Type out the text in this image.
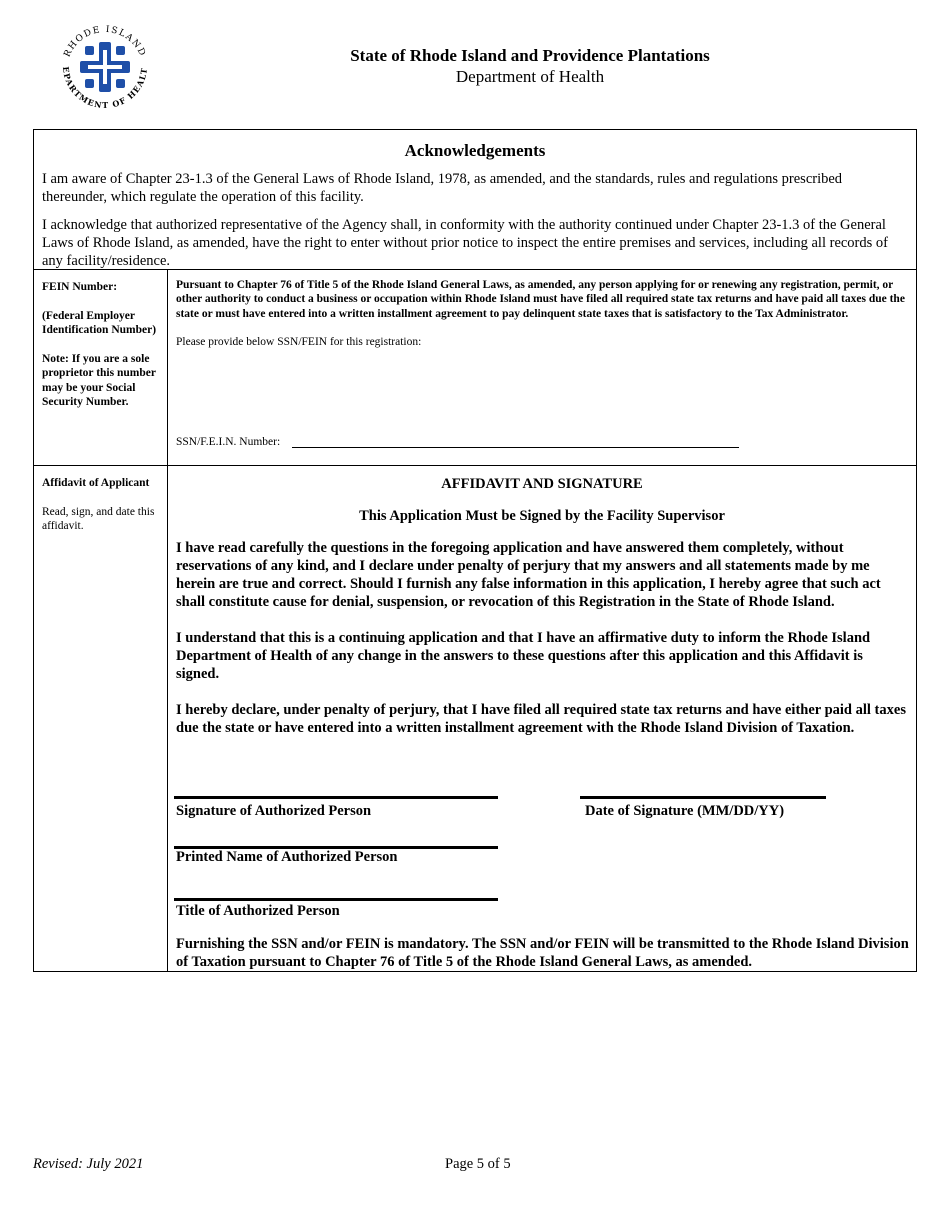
RHODE ISLAND
EPARTMENT OF HEALT
State of Rhode Island and Providence Plantations
Department of Health
Acknowledgements

I am aware of Chapter 23-1.3 of the General Laws of Rhode Island, 1978, as amended, and the standards, rules and regulations prescribed thereunder, which regulate the operation of this facility.

I acknowledge that authorized representative of the Agency shall, in conformity with the authority continued under Chapter 23-1.3 of the General Laws of Rhode Island, as amended, have the right to enter without prior notice to inspect the entire premises and services, including all records of any facility/residence.

FEIN Number:
(Federal Employer Identification Number)
Note: If you are a sole proprietor this number may be your Social Security Number.
Pursuant to Chapter 76 of Title 5 of the Rhode Island General Laws, as amended, any person applying for or renewing any registration, permit, or other authority to conduct a business or occupation within Rhode Island must have filed all required state tax returns and have paid all taxes due the state or must have entered into a written installment agreement to pay delinquent state taxes that is satisfactory to the Tax Administrator.
Please provide below SSN/FEIN for this registration:
SSN/F.E.I.N. Number:
Affidavit of Applicant
Read, sign, and date this affidavit.
AFFIDAVIT AND SIGNATURE
This Application Must be Signed by the Facility Supervisor
I have read carefully the questions in the foregoing application and have answered them completely, without reservations of any kind, and I declare under penalty of perjury that my answers and all statements made by me herein are true and correct. Should I furnish any false information in this application, I hereby agree that such act shall constitute cause for denial, suspension, or revocation of this Registration in the State of Rhode Island.
I understand that this is a continuing application and that I have an affirmative duty to inform the Rhode Island Department of Health of any change in the answers to these questions after this application and this Affidavit is signed.
I hereby declare, under penalty of perjury, that I have filed all required state tax returns and have either paid all taxes due the state or have entered into a written installment agreement with the Rhode Island Division of Taxation.
Signature of Authorized Person	Date of Signature (MM/DD/YY)
Printed Name of Authorized Person
Title of Authorized Person
Furnishing the SSN and/or FEIN is mandatory. The SSN and/or FEIN will be transmitted to the Rhode Island Division of Taxation pursuant to Chapter 76 of Title 5 of the Rhode Island General Laws, as amended.
Revised: July 2021	Page 5 of 5
